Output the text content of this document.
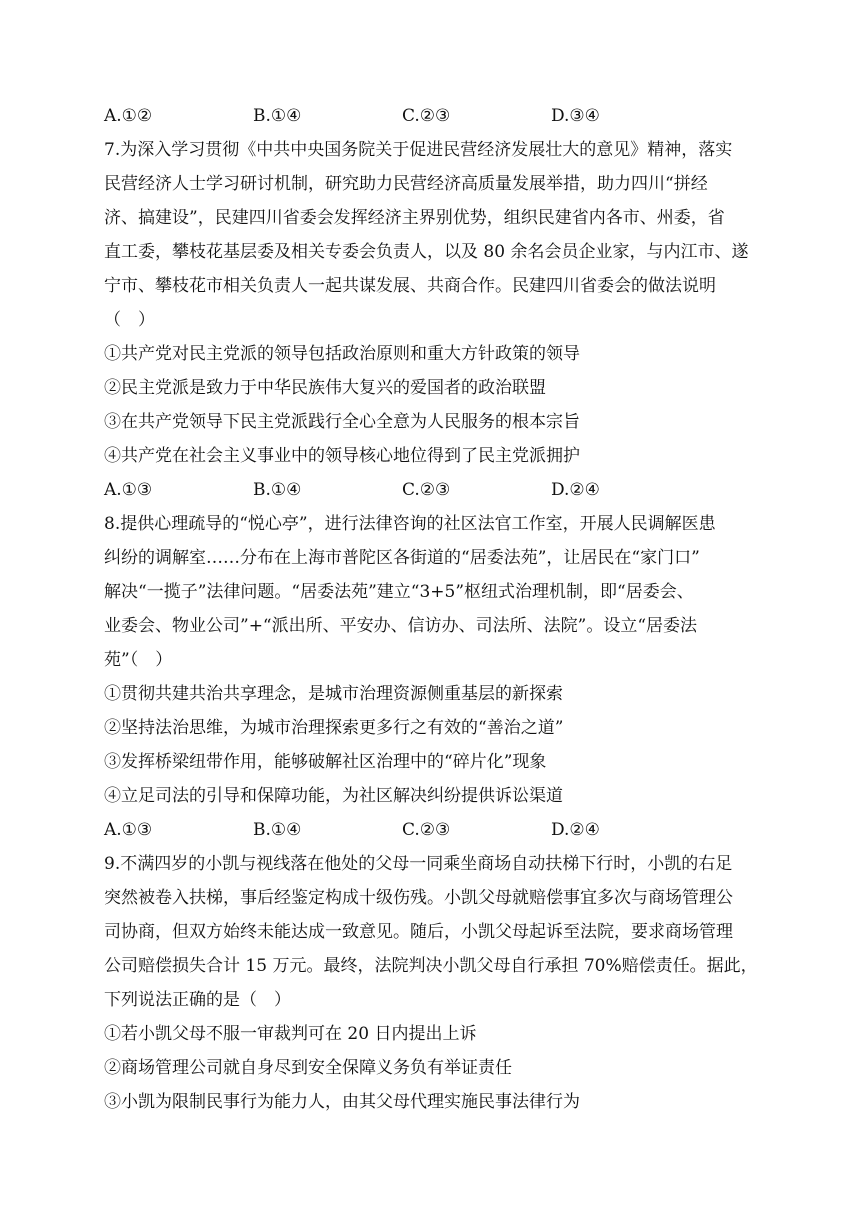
A.①②	B.①④	C.②③	D.③④
7.为深入学习贯彻《中共中央国务院关于促进民营经济发展壮大的意见》精神，落实
民营经济人士学习研讨机制，研究助力民营经济高质量发展举措，助力四川“拼经
济、搞建设”，民建四川省委会发挥经济主界别优势，组织民建省内各市、州委，省
直工委，攀枝花基层委及相关专委会负责人，以及 80 余名会员企业家，与内江市、遂
宁市、攀枝花市相关负责人一起共谋发展、共商合作。民建四川省委会的做法说明
（　）
①共产党对民主党派的领导包括政治原则和重大方针政策的领导
②民主党派是致力于中华民族伟大复兴的爱国者的政治联盟
③在共产党领导下民主党派践行全心全意为人民服务的根本宗旨
④共产党在社会主义事业中的领导核心地位得到了民主党派拥护
A.①③	B.①④	C.②③	D.②④
8.提供心理疏导的“悦心亭”，进行法律咨询的社区法官工作室，开展人民调解医患
纠纷的调解室……分布在上海市普陀区各街道的“居委法苑”，让居民在“家门口”
解决“一揽子”法律问题。“居委法苑”建立“3+5”枢纽式治理机制，即“居委会、
业委会、物业公司”+“派出所、平安办、信访办、司法所、法院”。设立“居委法
苑”（　）
①贯彻共建共治共享理念，是城市治理资源侧重基层的新探索
②坚持法治思维，为城市治理探索更多行之有效的“善治之道”
③发挥桥梁纽带作用，能够破解社区治理中的“碎片化”现象
④立足司法的引导和保障功能，为社区解决纠纷提供诉讼渠道
A.①③	B.①④	C.②③	D.②④
9.不满四岁的小凯与视线落在他处的父母一同乘坐商场自动扶梯下行时，小凯的右足
突然被卷入扶梯，事后经鉴定构成十级伤残。小凯父母就赔偿事宜多次与商场管理公
司协商，但双方始终未能达成一致意见。随后，小凯父母起诉至法院，要求商场管理
公司赔偿损失合计 15 万元。最终，法院判决小凯父母自行承担 70%赔偿责任。据此，
下列说法正确的是（　）
①若小凯父母不服一审裁判可在 20 日内提出上诉
②商场管理公司就自身尽到安全保障义务负有举证责任
③小凯为限制民事行为能力人，由其父母代理实施民事法律行为
